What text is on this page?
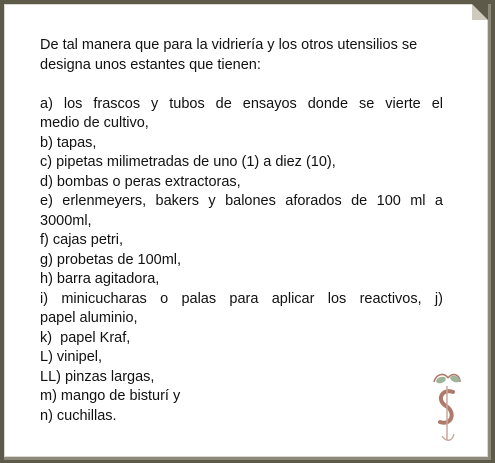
De tal manera que para la vidriería y los otros utensilios se designa unos estantes que tienen:

a) los frascos y tubos de ensayos donde se vierte el

medio de cultivo,

b) tapas,

c) pipetas milimetradas de uno (1) a diez (10),

d) bombas o peras extractoras,

e) erlenmeyers, bakers y balones aforados de 100 ml a

3000ml,

f) cajas petri,

g) probetas de 100ml,

h) barra agitadora,

i) minicucharas o palas para aplicar los reactivos, j)

papel aluminio,

k)  papel Kraf,

L) vinipel,

LL) pinzas largas,

m) mango de bisturí y

n) cuchillas.
